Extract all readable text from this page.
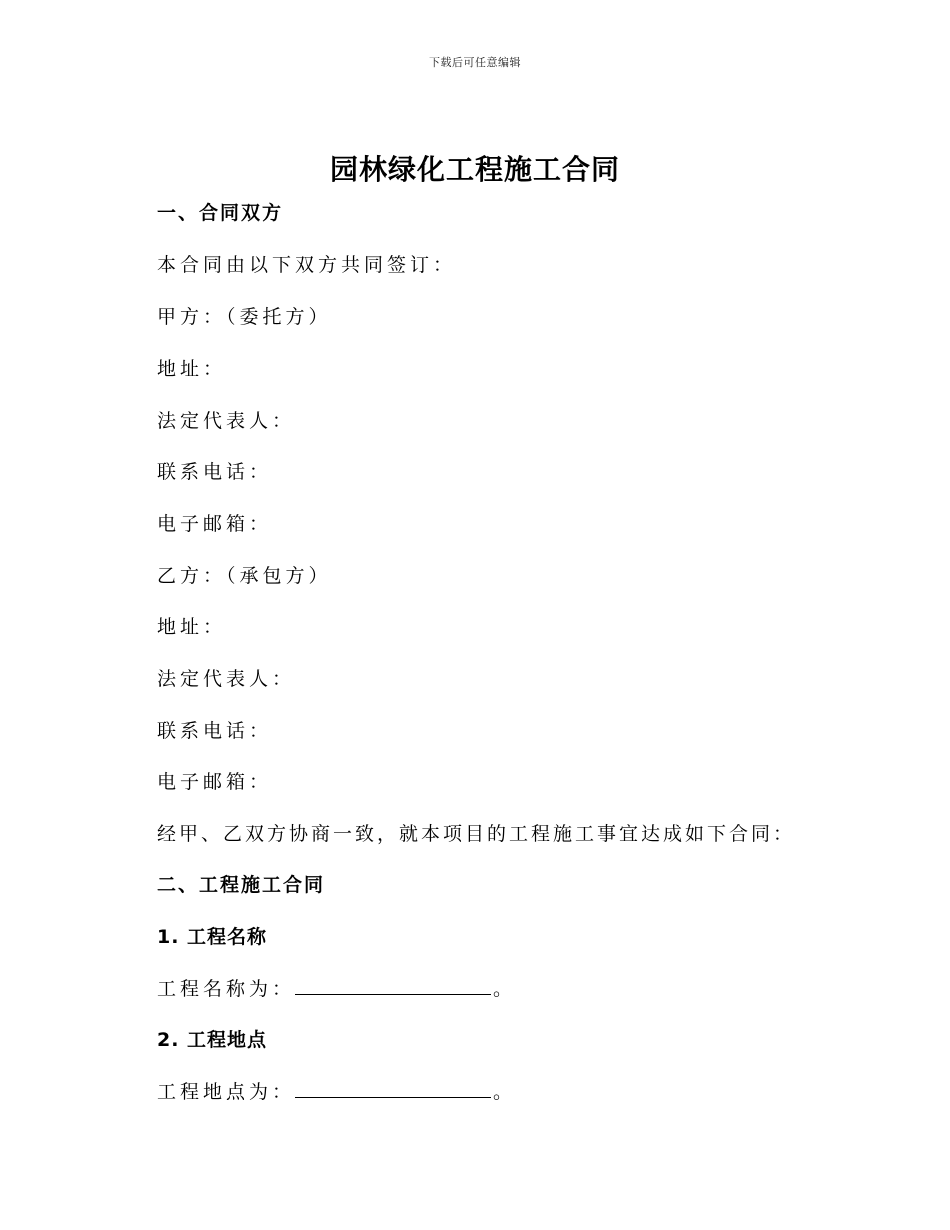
下载后可任意编辑
园林绿化工程施工合同
一、合同双方
本合同由以下双方共同签订：
甲方：（委托方）
地址：
法定代表人：
联系电话：
电子邮箱：
乙方：（承包方）
地址：
法定代表人：
联系电话：
电子邮箱：
经甲、乙双方协商一致，就本项目的工程施工事宜达成如下合同：
二、工程施工合同
1. 工程名称
工程名称为：	。
2. 工程地点
工程地点为：	。
